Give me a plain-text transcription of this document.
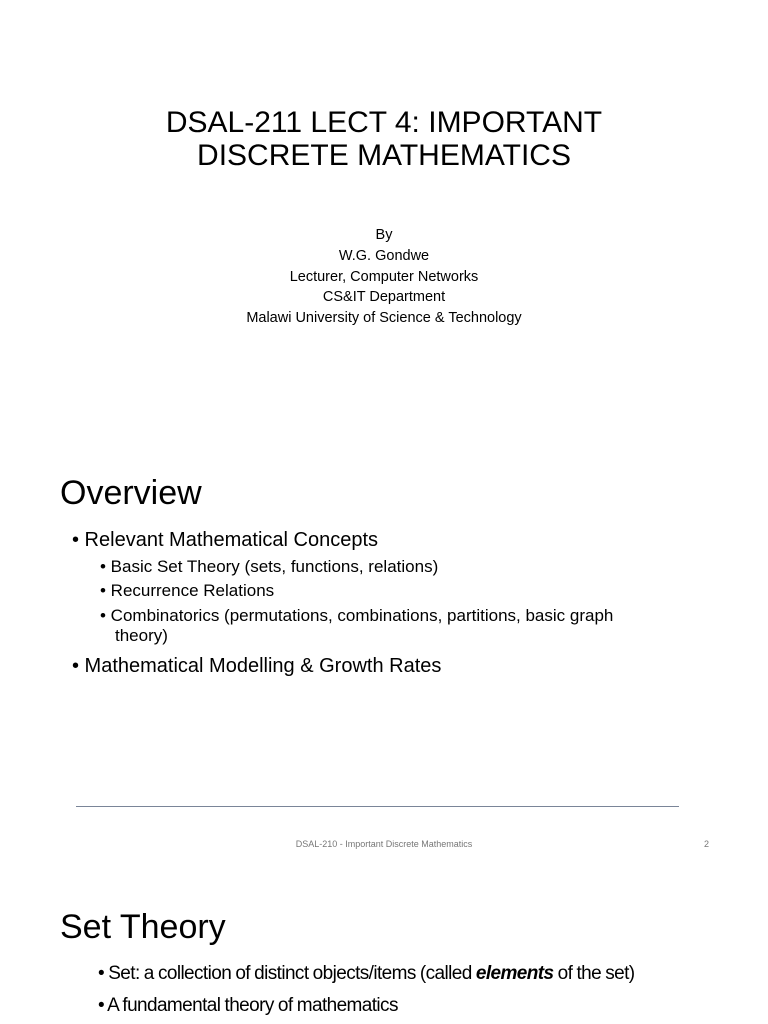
DSAL-211 LECT 4: IMPORTANT
DISCRETE MATHEMATICS
By
W.G. Gondwe
Lecturer, Computer Networks
CS&IT Department
Malawi University of Science & Technology
Overview
• Relevant Mathematical Concepts
• Basic Set Theory (sets, functions, relations)
• Recurrence Relations
• Combinatorics (permutations, combinations, partitions, basic graph
theory)
• Mathematical Modelling & Growth Rates
DSAL-210 - Important Discrete Mathematics	2
Set Theory
• Set: a collection of distinct objects/items (called elements of the set)
• A fundamental theory of mathematics
